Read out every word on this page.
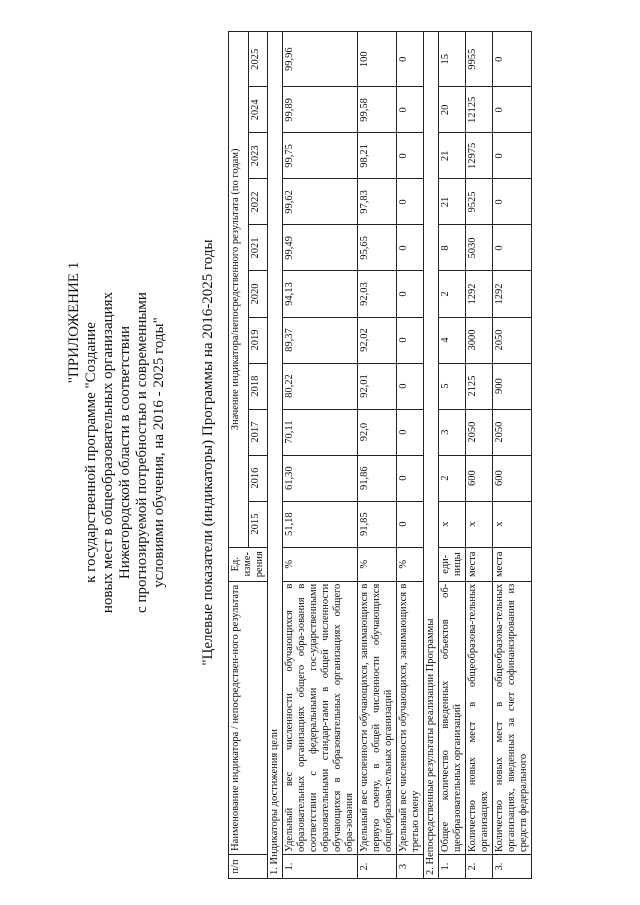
"ПРИЛОЖЕНИЕ 1 к государственной программе "Создание новых мест в общеобразовательных организациях Нижегородской области в соответствии с прогнозируемой потребностью и современными условиями обучения, на 2016 - 2025 годы" "Целевые показатели (индикаторы) Программы на 2016-2025 годы
п/п	Наименование индикатора / непосредствен-ного результата	Ед. изме-рения	Значение индикатора/непосредственного результата (по годам)										
			2015	2016	2017	2018	2019	2020	2021	2022	2023	2024	2025
1. Индикаторы достижения цели													
1.	Удельный вес численности обучающихся в образовательных организациях общего обра-зования в соответствии с федеральными гос-ударственными образовательными стандар-тами в общей численности обучающихся в образовательных организациях общего обра-зования	%	51,18	61,30	70,11	80,22	89,37	94,13	99,49	99,62	99,75	99,89	99,96
2.	Удельный вес численности обучающихся, занимающихся в первую смену, в общей численности обучающихся общеобразова-тельных организаций	%	91,85	91,86	92,0	92,01	92,02	92,03	95,65	97,83	98,21	99,58	100
3	Удельный вес численности обучающихся, занимающихся в третью смену	%	0	0	0	0	0	0	0	0	0	0	0
2. Непосредственные результаты реализации Программы													
1.	Общее количество введенных объектов об-щеобразовательных организаций	еди-ницы	х	2	3	5	4	2	8	21	21	20	15
2.	Количество новых мест в общеобразова-тельных организациях	места	х	600	2050	2125	3000	1292	5030	9525	12975	12125	9955
3.	Количество новых мест в общеобразова-тельных организациях, введенных за счет софинансирования из средств федерального	места	х	600	2050	900	2050	1292	0	0	0	0	0
